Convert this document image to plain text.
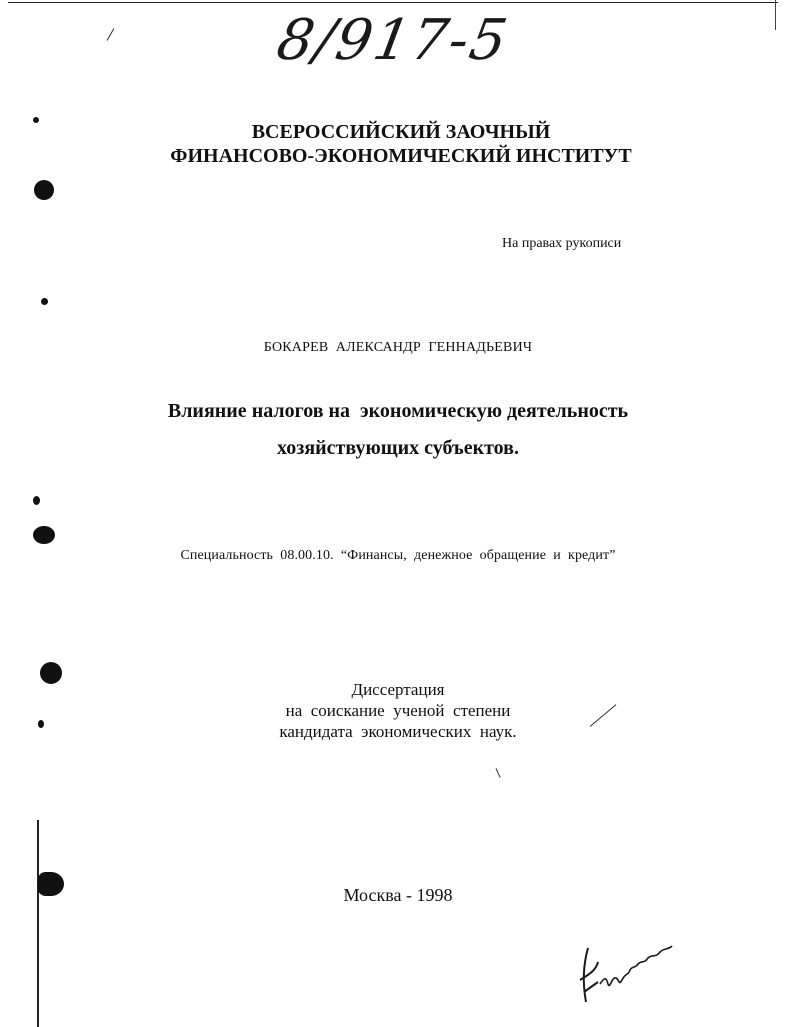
8/917-5
ВСЕРОССИЙСКИЙ ЗАОЧНЫЙ
ФИНАНСОВО-ЭКОНОМИЧЕСКИЙ ИНСТИТУТ
На правах рукописи
БОКАРЕВ  АЛЕКСАНДР  ГЕННАДЬЕВИЧ
Влияние налогов на  экономическую деятельность
хозяйствующих субъектов.
Специальность  08.00.10.  “Финансы,  денежное  обращение  и  кредит”
Диссертация
на  соискание  ученой  степени
кандидата  экономических  наук.
Москва - 1998
